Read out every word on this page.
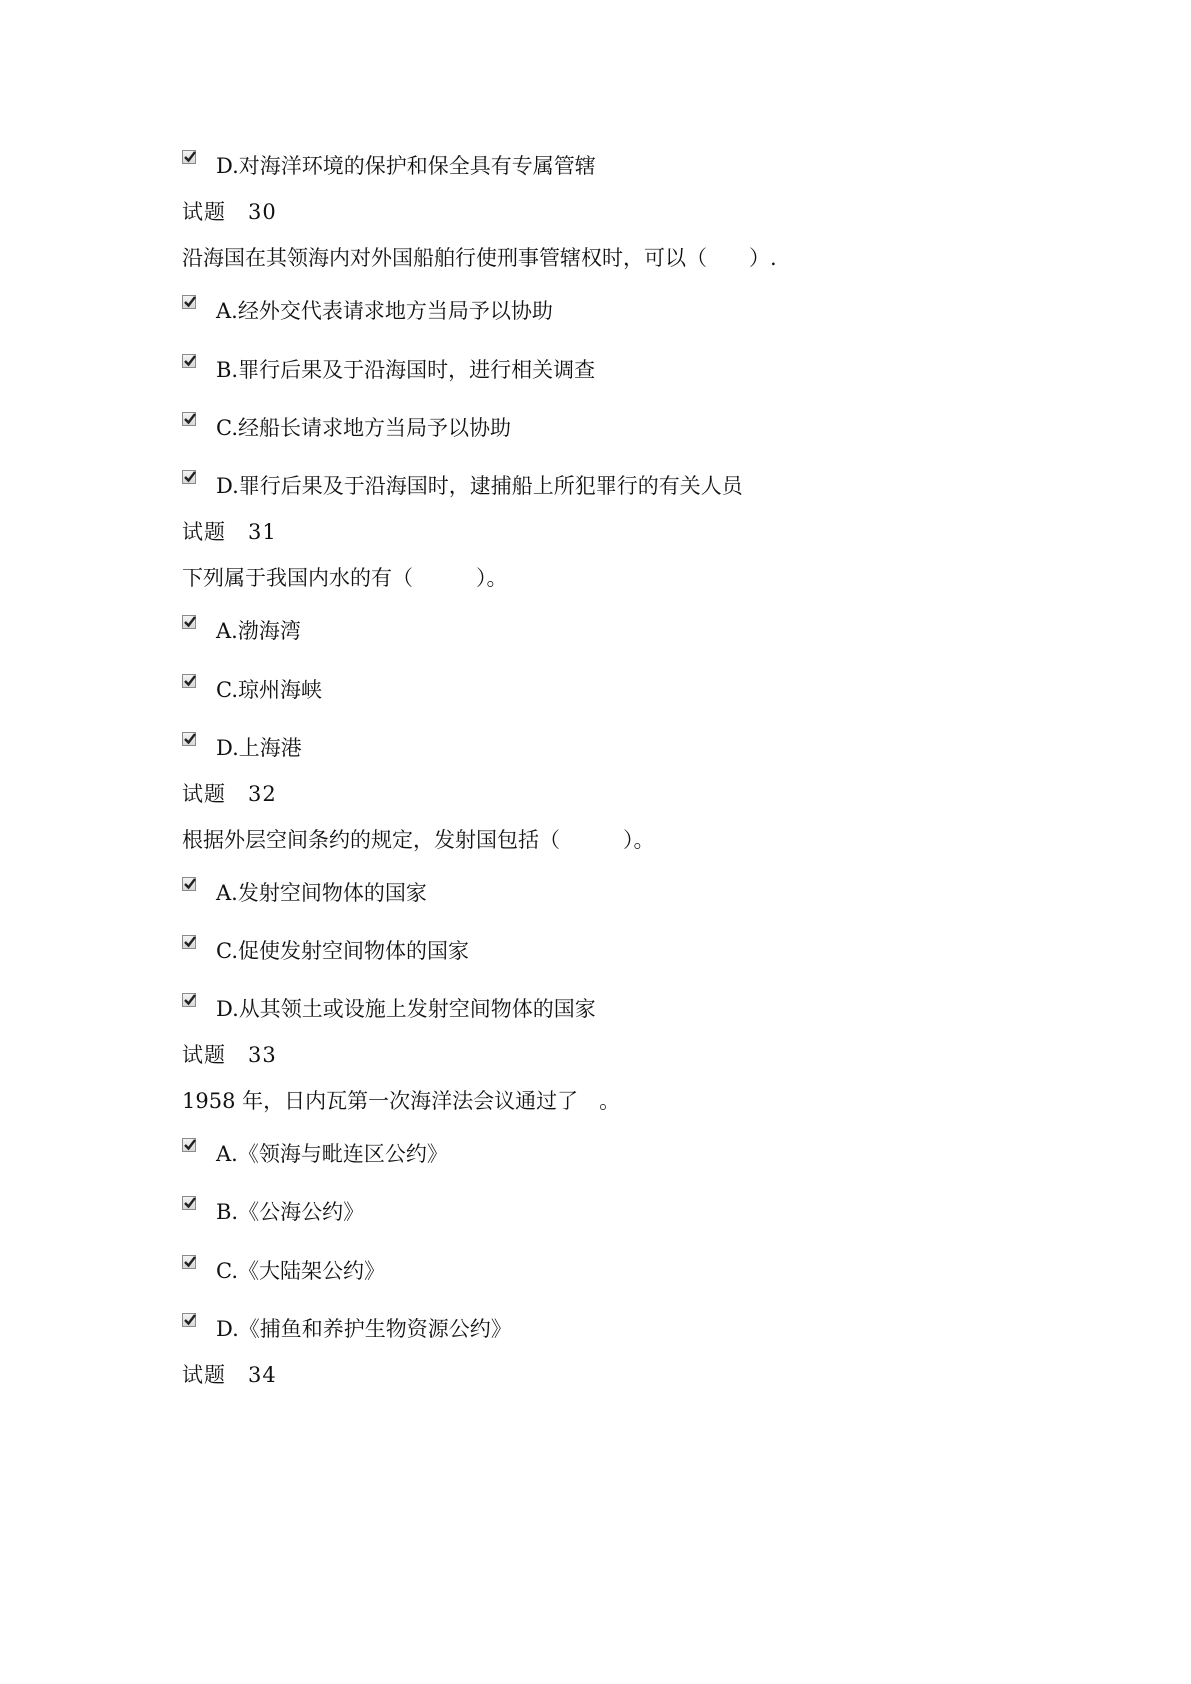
D.对海洋环境的保护和保全具有专属管辖
试题 30
沿海国在其领海内对外国船舶行使刑事管辖权时，可以（　　）.
A.经外交代表请求地方当局予以协助
B.罪行后果及于沿海国时，进行相关调查
C.经船长请求地方当局予以协助
D.罪行后果及于沿海国时，逮捕船上所犯罪行的有关人员
试题 31
下列属于我国内水的有（　　　）。
A.渤海湾
C.琼州海峡
D.上海港
试题 32
根据外层空间条约的规定，发射国包括（　　　）。
A.发射空间物体的国家
C.促使发射空间物体的国家
D.从其领土或设施上发射空间物体的国家
试题 33
1958 年，日内瓦第一次海洋法会议通过了　。
A.《领海与毗连区公约》
B.《公海公约》
C.《大陆架公约》
D.《捕鱼和养护生物资源公约》
试题 34
